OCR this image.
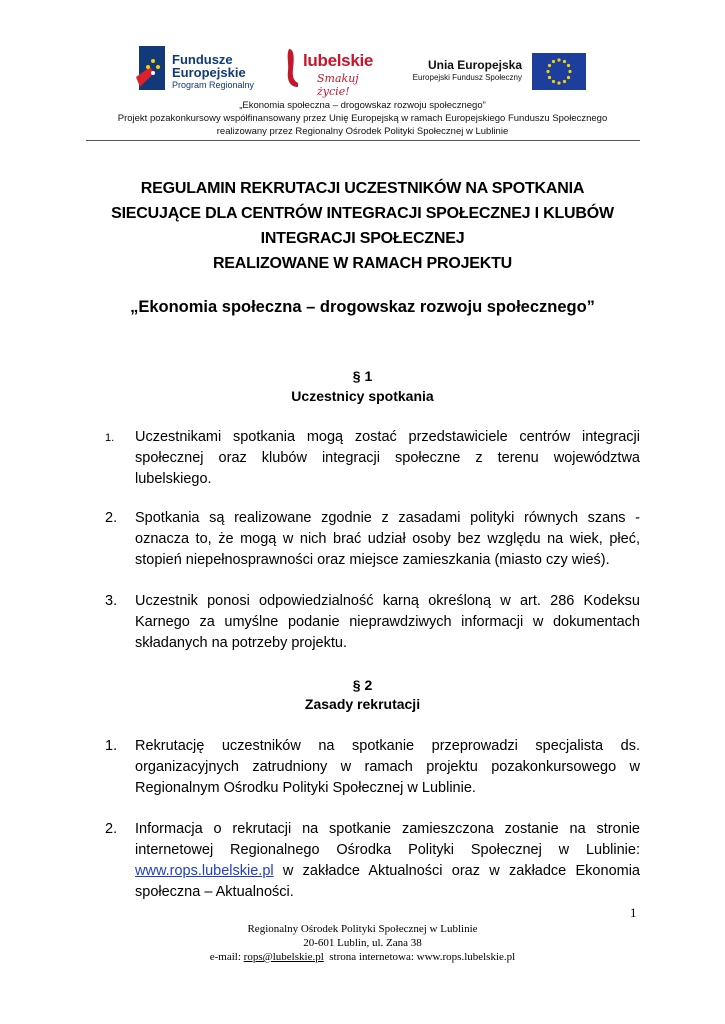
Fundusze
Europejskie
Program Regionalny
lubelskie
Smakuj życie!
Unia Europejska
Europejski Fundusz Społeczny
„Ekonomia społeczna – drogowskaz rozwoju społecznego”
Projekt pozakonkursowy współfinansowany przez Unię Europejską w ramach Europejskiego Funduszu Społecznego
realizowany przez Regionalny Ośrodek Polityki Społecznej w Lublinie
REGULAMIN REKRUTACJI UCZESTNIKÓW NA SPOTKANIA
SIECUJĄCE DLA CENTRÓW INTEGRACJI SPOŁECZNEJ I KLUBÓW
INTEGRACJI SPOŁECZNEJ
REALIZOWANE W RAMACH PROJEKTU
„Ekonomia społeczna – drogowskaz rozwoju społecznego”
§ 1
Uczestnicy spotkania
1.	Uczestnikami spotkania mogą zostać przedstawiciele centrów integracji społecznej oraz klubów integracji społeczne z terenu województwa lubelskiego.
2.	Spotkania są realizowane zgodnie z zasadami polityki równych szans - oznacza to, że mogą w nich brać udział osoby bez względu na wiek, płeć, stopień niepełnosprawności oraz miejsce zamieszkania (miasto czy wieś).
3.	Uczestnik ponosi odpowiedzialność karną określoną w art. 286 Kodeksu Karnego za umyślne podanie nieprawdziwych informacji w dokumentach składanych na potrzeby projektu.
§ 2
Zasady rekrutacji
1.	Rekrutację uczestników na spotkanie przeprowadzi specjalista ds. organizacyjnych zatrudniony w ramach projektu pozakonkursowego w Regionalnym Ośrodku Polityki Społecznej w Lublinie.
2.	Informacja o rekrutacji na spotkanie zamieszczona zostanie na stronie internetowej Regionalnego Ośrodka Polityki Społecznej w Lublinie: www.rops.lubelskie.pl w zakładce Aktualności oraz w zakładce Ekonomia społeczna – Aktualności.
1
Regionalny Ośrodek Polityki Społecznej w Lublinie
20-601 Lublin, ul. Zana 38
e-mail: rops@lubelskie.pl  strona internetowa: www.rops.lubelskie.pl
